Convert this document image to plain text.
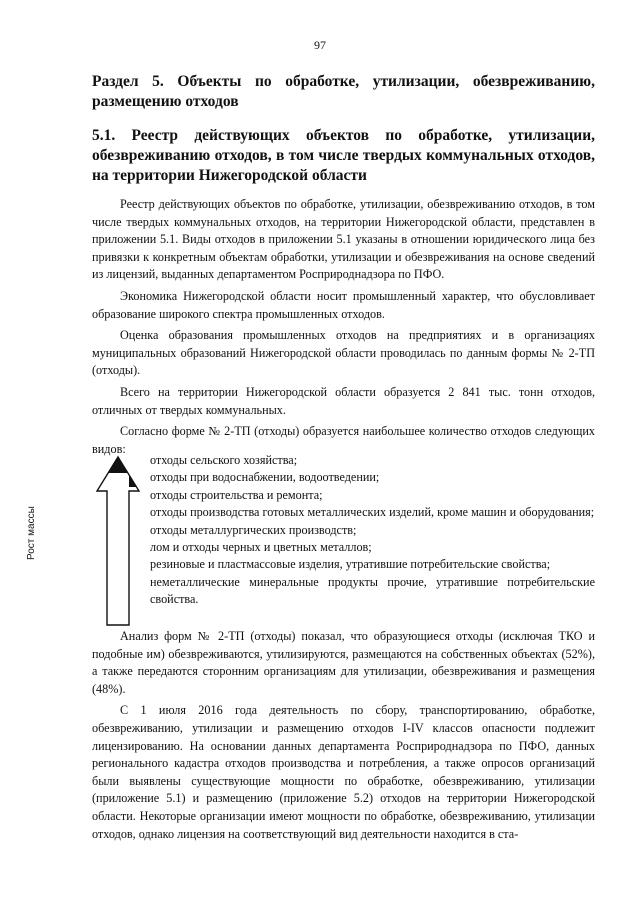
97
Раздел 5. Объекты по обработке, утилизации, обезвреживанию, размещению отходов
5.1. Реестр действующих объектов по обработке, утилизации, обезвреживанию отходов, в том числе твердых коммунальных отходов, на территории Нижегородской области

Реестр действующих объектов по обработке, утилизации, обезвреживанию отходов, в том числе твердых коммунальных отходов, на территории Нижегородской области, представлен в приложении 5.1. Виды отходов в приложении 5.1 указаны в отношении юридического лица без привязки к конкретным объектам обработки, утилизации и обезвреживания на основе сведений из лицензий, выданных департаментом Росприроднадзора по ПФО.

Экономика Нижегородской области носит промышленный характер, что обусловливает образование широкого спектра промышленных отходов.

Оценка образования промышленных отходов на предприятиях и в организациях муниципальных образований Нижегородской области проводилась по данным формы № 2-ТП (отходы).

Всего на территории Нижегородской области образуется 2 841 тыс. тонн отходов, отличных от твердых коммунальных.

Согласно форме № 2-ТП (отходы) образуется наибольшее количество отходов следующих видов:

отходы сельского хозяйства;
отходы при водоснабжении, водоотведении;
отходы строительства и ремонта;
отходы производства готовых металлических изделий, кроме машин и оборудования;
отходы металлургических производств;
лом и отходы черных и цветных металлов;
резиновые и пластмассовые изделия, утратившие потребительские свойства;
неметаллические минеральные продукты прочие, утратившие потребительские свойства.
Рост массы

Анализ форм № 2-ТП (отходы) показал, что образующиеся отходы (исключая ТКО и подобные им) обезвреживаются, утилизируются, размещаются на собственных объектах (52%), а также передаются сторонним организациям для утилизации, обезвреживания и размещения (48%).

С 1 июля 2016 года деятельность по сбору, транспортированию, обработке, обезвреживанию, утилизации и размещению отходов I-IV классов опасности подлежит лицензированию. На основании данных департамента Росприроднадзора по ПФО, данных регионального кадастра отходов производства и потребления, а также опросов организаций были выявлены существующие мощности по обработке, обезвреживанию, утилизации (приложение 5.1) и размещению (приложение 5.2) отходов на территории Нижегородской области. Некоторые организации имеют мощности по обработке, обезвреживанию, утилизации отходов, однако лицензия на соответствующий вид деятельности находится в ста-
